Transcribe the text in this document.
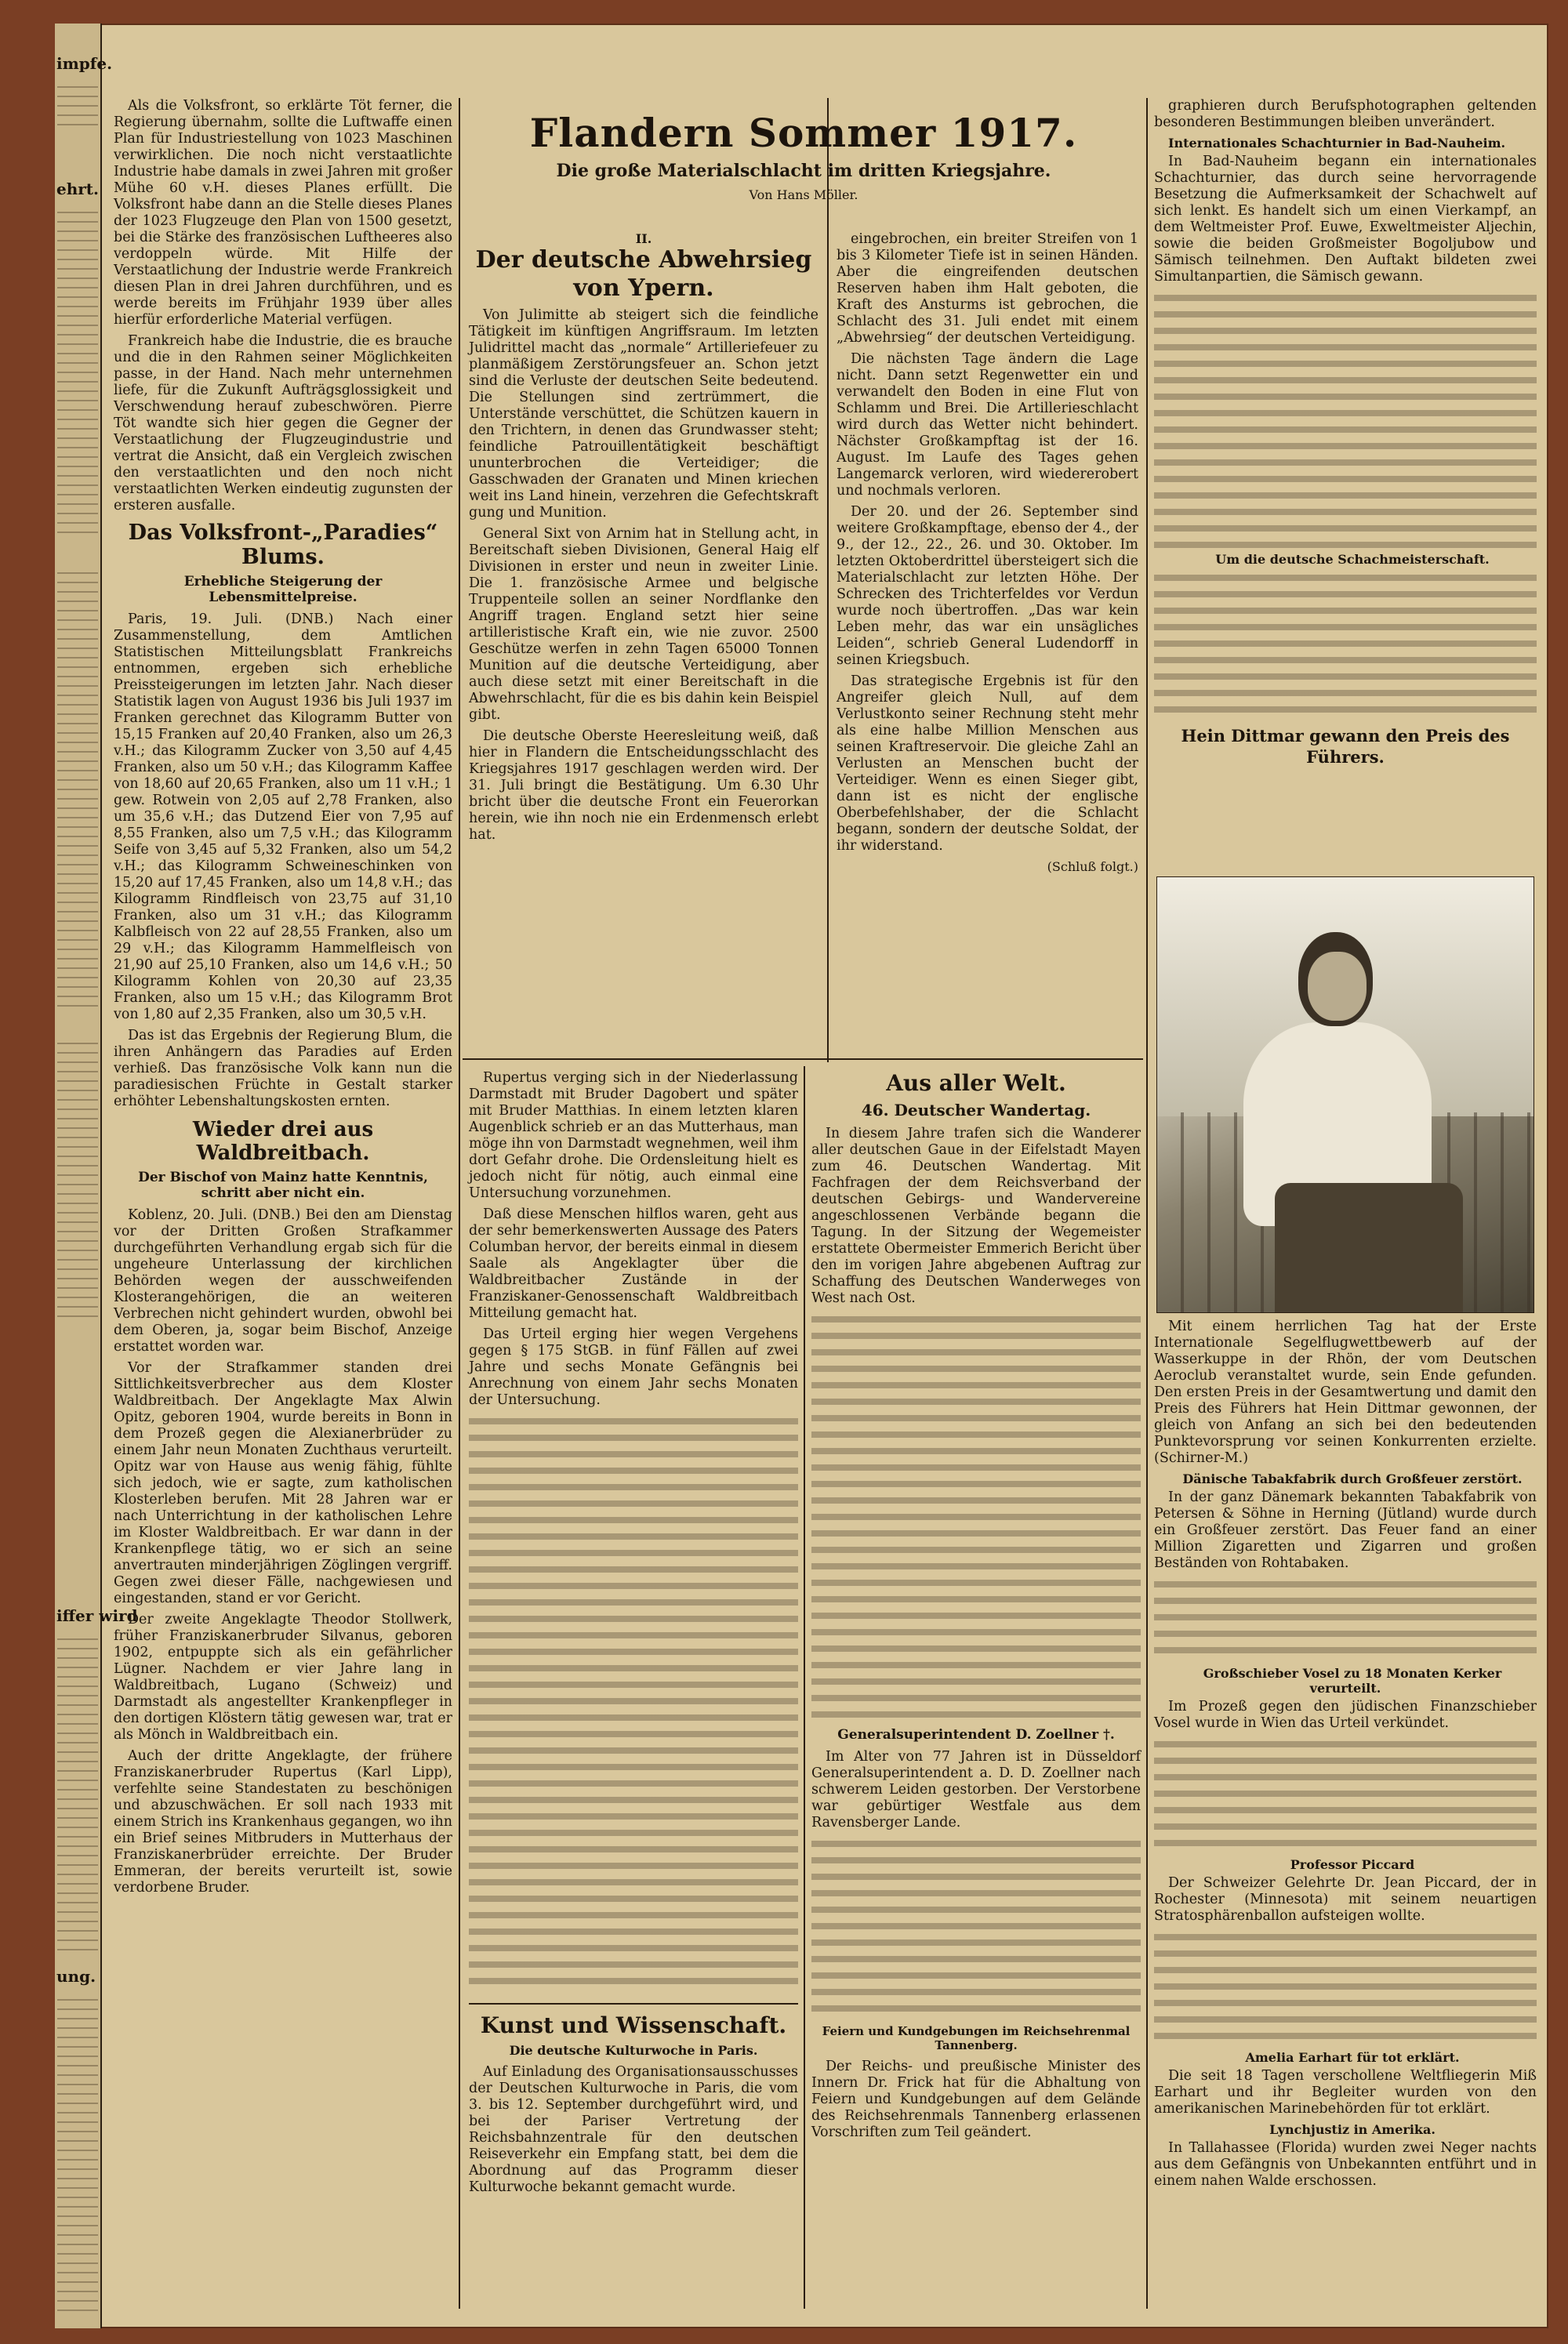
impfe.
ehrt.
iffer wird
ung.

Als die Volksfront, so erklärte Töt ferner, die Regierung übernahm, sollte die Luftwaffe einen Plan für Industriestellung von 1023 Maschinen verwirklichen. Die noch nicht verstaatlichte Industrie habe damals in zwei Jahren mit großer Mühe 60 v.H. dieses Planes erfüllt. Die Volksfront habe dann an die Stelle dieses Planes der 1023 Flugzeuge den Plan von 1500 gesetzt, bei die Stärke des französischen Luftheeres also verdoppeln würde. Mit Hilfe der Verstaatlichung der Industrie werde Frankreich diesen Plan in drei Jahren durchführen, und es werde bereits im Frühjahr 1939 über alles hierfür erforderliche Material verfügen.

Frankreich habe die Industrie, die es brauche und die in den Rahmen seiner Möglichkeiten passe, in der Hand. Nach mehr unternehmen liefe, für die Zukunft Aufträgsglossigkeit und Verschwendung herauf zubeschwören. Pierre Töt wandte sich hier gegen die Gegner der Verstaatlichung der Flugzeugindustrie und vertrat die Ansicht, daß ein Vergleich zwischen den verstaatlichten und den noch nicht verstaatlichten Werken eindeutig zugunsten der ersteren ausfalle.

Das Volksfront-„Paradies“ Blums.
Erhebliche Steigerung der Lebensmittelpreise.

Paris, 19. Juli. (DNB.) Nach einer Zusammenstellung, dem Amtlichen Statistischen Mitteilungsblatt Frankreichs entnommen, ergeben sich erhebliche Preissteigerungen im letzten Jahr. Nach dieser Statistik lagen von August 1936 bis Juli 1937 im Franken gerechnet das Kilogramm Butter von 15,15 Franken auf 20,40 Franken, also um 26,3 v.H.; das Kilogramm Zucker von 3,50 auf 4,45 Franken, also um 50 v.H.; das Kilogramm Kaffee von 18,60 auf 20,65 Franken, also um 11 v.H.; 1 gew. Rotwein von 2,05 auf 2,78 Franken, also um 35,6 v.H.; das Dutzend Eier von 7,95 auf 8,55 Franken, also um 7,5 v.H.; das Kilogramm Seife von 3,45 auf 5,32 Franken, also um 54,2 v.H.; das Kilogramm Schweineschinken von 15,20 auf 17,45 Franken, also um 14,8 v.H.; das Kilogramm Rindfleisch von 23,75 auf 31,10 Franken, also um 31 v.H.; das Kilogramm Kalbfleisch von 22 auf 28,55 Franken, also um 29 v.H.; das Kilogramm Hammelfleisch von 21,90 auf 25,10 Franken, also um 14,6 v.H.; 50 Kilogramm Kohlen von 20,30 auf 23,35 Franken, also um 15 v.H.; das Kilogramm Brot von 1,80 auf 2,35 Franken, also um 30,5 v.H.

Das ist das Ergebnis der Regierung Blum, die ihren Anhängern das Paradies auf Erden verhieß. Das französische Volk kann nun die paradiesischen Früchte in Gestalt starker erhöhter Lebenshaltungskosten ernten.

Wieder drei aus Waldbreitbach.
Der Bischof von Mainz hatte Kenntnis, schritt aber nicht ein.

Koblenz, 20. Juli. (DNB.) Bei den am Dienstag vor der Dritten Großen Strafkammer durchgeführten Verhandlung ergab sich für die ungeheure Unterlassung der kirchlichen Behörden wegen der ausschweifenden Klosterangehörigen, die an weiteren Verbrechen nicht gehindert wurden, obwohl bei dem Oberen, ja, sogar beim Bischof, Anzeige erstattet worden war.

Vor der Strafkammer standen drei Sittlichkeitsverbrecher aus dem Kloster Waldbreitbach. Der Angeklagte Max Alwin Opitz, geboren 1904, wurde bereits in Bonn in dem Prozeß gegen die Alexianerbrüder zu einem Jahr neun Monaten Zuchthaus verurteilt. Opitz war von Hause aus wenig fähig, fühlte sich jedoch, wie er sagte, zum katholischen Klosterleben berufen. Mit 28 Jahren war er nach Unterrichtung in der katholischen Lehre im Kloster Waldbreitbach. Er war dann in der Krankenpflege tätig, wo er sich an seine anvertrauten minderjährigen Zöglingen vergriff. Gegen zwei dieser Fälle, nachgewiesen und eingestanden, stand er vor Gericht.

Der zweite Angeklagte Theodor Stollwerk, früher Franziskanerbruder Silvanus, geboren 1902, entpuppte sich als ein gefährlicher Lügner. Nachdem er vier Jahre lang in Waldbreitbach, Lugano (Schweiz) und Darmstadt als angestellter Krankenpfleger in den dortigen Klöstern tätig gewesen war, trat er als Mönch in Waldbreitbach ein.

Auch der dritte Angeklagte, der frühere Franziskanerbruder Rupertus (Karl Lipp), verfehlte seine Standestaten zu beschönigen und abzuschwächen. Er soll nach 1933 mit einem Strich ins Krankenhaus gegangen, wo ihn ein Brief seines Mitbruders in Mutterhaus der Franziskanerbrüder erreichte. Der Bruder Emmeran, der bereits verurteilt ist, sowie verdorbene Bruder.

Flandern Sommer 1917.
Die große Materialschlacht im dritten Kriegsjahre.
Von Hans Möller.
II.
Der deutsche Abwehrsieg von Ypern.

Von Julimitte ab steigert sich die feindliche Tätigkeit im künftigen Angriffsraum. Im letzten Julidrittel macht das „normale“ Artilleriefeuer zu planmäßigem Zerstörungsfeuer an. Schon jetzt sind die Verluste der deutschen Seite bedeutend. Die Stellungen sind zertrümmert, die Unterstände verschüttet, die Schützen kauern in den Trichtern, in denen das Grundwasser steht; feindliche Patrouillentätigkeit beschäftigt ununterbrochen die Verteidiger; die Gasschwaden der Granaten und Minen kriechen weit ins Land hinein, verzehren die Gefechtskraft gung und Munition.

General Sixt von Arnim hat in Stellung acht, in Bereitschaft sieben Divisionen, General Haig elf Divisionen in erster und neun in zweiter Linie. Die 1. französische Armee und belgische Truppenteile sollen an seiner Nordflanke den Angriff tragen. England setzt hier seine artilleristische Kraft ein, wie nie zuvor. 2500 Geschütze werfen in zehn Tagen 65000 Tonnen Munition auf die deutsche Verteidigung, aber auch diese setzt mit einer Bereitschaft in die Abwehrschlacht, für die es bis dahin kein Beispiel gibt.

Die deutsche Oberste Heeresleitung weiß, daß hier in Flandern die Entscheidungsschlacht des Kriegsjahres 1917 geschlagen werden wird. Der 31. Juli bringt die Bestätigung. Um 6.30 Uhr bricht über die deutsche Front ein Feuerorkan herein, wie ihn noch nie ein Erdenmensch erlebt hat.

eingebrochen, ein breiter Streifen von 1 bis 3 Kilometer Tiefe ist in seinen Händen. Aber die eingreifenden deutschen Reserven haben ihm Halt geboten, die Kraft des Ansturms ist gebrochen, die Schlacht des 31. Juli endet mit einem „Abwehrsieg“ der deutschen Verteidigung.

Die nächsten Tage ändern die Lage nicht. Dann setzt Regenwetter ein und verwandelt den Boden in eine Flut von Schlamm und Brei. Die Artillerieschlacht wird durch das Wetter nicht behindert. Nächster Großkampftag ist der 16. August. Im Laufe des Tages gehen Langemarck verloren, wird wiedererobert und nochmals verloren.

Der 20. und der 26. September sind weitere Großkampftage, ebenso der 4., der 9., der 12., 22., 26. und 30. Oktober. Im letzten Oktoberdrittel übersteigert sich die Materialschlacht zur letzten Höhe. Der Schrecken des Trichterfeldes vor Verdun wurde noch übertroffen. „Das war kein Leben mehr, das war ein unsägliches Leiden“, schrieb General Ludendorff in seinen Kriegsbuch.

Das strategische Ergebnis ist für den Angreifer gleich Null, auf dem Verlustkonto seiner Rechnung steht mehr als eine halbe Million Menschen aus seinen Kraftreservoir. Die gleiche Zahl an Verlusten an Menschen bucht der Verteidiger. Wenn es einen Sieger gibt, dann ist es nicht der englische Oberbefehlshaber, der die Schlacht begann, sondern der deutsche Soldat, der ihr widerstand.

(Schluß folgt.)

Rupertus verging sich in der Niederlassung Darmstadt mit Bruder Dagobert und später mit Bruder Matthias. In einem letzten klaren Augenblick schrieb er an das Mutterhaus, man möge ihn von Darmstadt wegnehmen, weil ihm dort Gefahr drohe. Die Ordensleitung hielt es jedoch nicht für nötig, auch einmal eine Untersuchung vorzunehmen.

Daß diese Menschen hilflos waren, geht aus der sehr bemerkenswerten Aussage des Paters Columban hervor, der bereits einmal in diesem Saale als Angeklagter über die Waldbreitbacher Zustände in der Franziskaner-Genossenschaft Waldbreitbach Mitteilung gemacht hat.

Das Urteil erging hier wegen Vergehens gegen § 175 StGB. in fünf Fällen auf zwei Jahre und sechs Monate Gefängnis bei Anrechnung von einem Jahr sechs Monaten der Untersuchung.

Kunst und Wissenschaft.
Die deutsche Kulturwoche in Paris.

Auf Einladung des Organisationsausschusses der Deutschen Kulturwoche in Paris, die vom 3. bis 12. September durchgeführt wird, und bei der Pariser Vertretung der Reichsbahnzentrale für den deutschen Reiseverkehr ein Empfang statt, bei dem die Abordnung auf das Programm dieser Kulturwoche bekannt gemacht wurde.

Aus aller Welt.
46. Deutscher Wandertag.

In diesem Jahre trafen sich die Wanderer aller deutschen Gaue in der Eifelstadt Mayen zum 46. Deutschen Wandertag. Mit Fachfragen der dem Reichsverband der deutschen Gebirgs- und Wandervereine angeschlossenen Verbände begann die Tagung. In der Sitzung der Wegemeister erstattete Obermeister Emmerich Bericht über den im vorigen Jahre abgebenen Auftrag zur Schaffung des Deutschen Wanderweges von West nach Ost.

Generalsuperintendent D. Zoellner †.

Im Alter von 77 Jahren ist in Düsseldorf Generalsuperintendent a. D. D. Zoellner nach schwerem Leiden gestorben. Der Verstorbene war gebürtiger Westfale aus dem Ravensberger Lande.

Feiern und Kundgebungen im Reichsehrenmal Tannenberg.

Der Reichs- und preußische Minister des Innern Dr. Frick hat für die Abhaltung von Feiern und Kundgebungen auf dem Gelände des Reichsehrenmals Tannenberg erlassenen Vorschriften zum Teil geändert.

graphieren durch Berufsphotographen geltenden besonderen Bestimmungen bleiben unverändert.

Internationales Schachturnier in Bad-Nauheim.

In Bad-Nauheim begann ein internationales Schachturnier, das durch seine hervorragende Besetzung die Aufmerksamkeit der Schachwelt auf sich lenkt. Es handelt sich um einen Vierkampf, an dem Weltmeister Prof. Euwe, Exweltmeister Aljechin, sowie die beiden Großmeister Bogoljubow und Sämisch teilnehmen. Den Auftakt bildeten zwei Simultanpartien, die Sämisch gewann.

Um die deutsche Schachmeisterschaft.
Hein Dittmar gewann den Preis des Führers.

Mit einem herrlichen Tag hat der Erste Internationale Segelflugwettbewerb auf der Wasserkuppe in der Rhön, der vom Deutschen Aeroclub veranstaltet wurde, sein Ende gefunden. Den ersten Preis in der Gesamtwertung und damit den Preis des Führers hat Hein Dittmar gewonnen, der gleich von Anfang an sich bei den bedeutenden Punktevorsprung vor seinen Konkurrenten erzielte. (Schirner-M.)

Dänische Tabakfabrik durch Großfeuer zerstört.

In der ganz Dänemark bekannten Tabakfabrik von Petersen & Söhne in Herning (Jütland) wurde durch ein Großfeuer zerstört. Das Feuer fand an einer Million Zigaretten und Zigarren und großen Beständen von Rohtabaken.

Großschieber Vosel zu 18 Monaten Kerker verurteilt.

Im Prozeß gegen den jüdischen Finanzschieber Vosel wurde in Wien das Urteil verkündet.

Professor Piccard

Der Schweizer Gelehrte Dr. Jean Piccard, der in Rochester (Minnesota) mit seinem neuartigen Stratosphärenballon aufsteigen wollte.

Amelia Earhart für tot erklärt.

Die seit 18 Tagen verschollene Weltfliegerin Miß Earhart und ihr Begleiter wurden von den amerikanischen Marinebehörden für tot erklärt.

Lynchjustiz in Amerika.

In Tallahassee (Florida) wurden zwei Neger nachts aus dem Gefängnis von Unbekannten entführt und in einem nahen Walde erschossen.
